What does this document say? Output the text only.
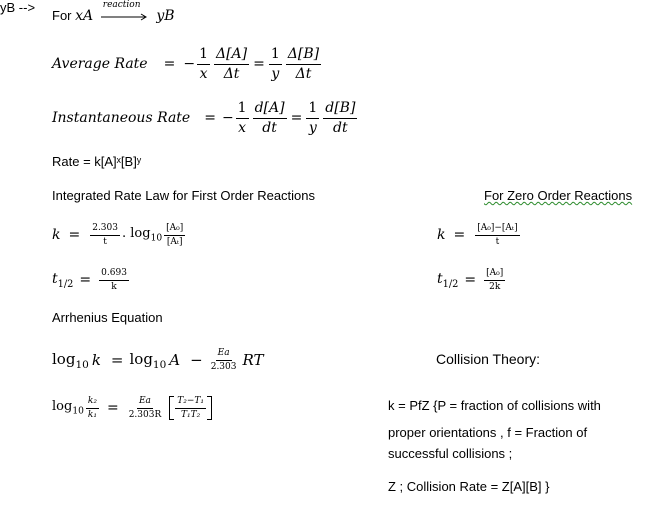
yB -->
For xA
reaction
yB
Average Rate = − $\frac{1}{x} \frac{\Delta[A]}{\Delta t} = \frac{1}{y} \frac{\Delta[B]}{\Delta t}$
Instantaneous Rate = − $\frac{1}{x} \frac{d[A]}{dt} = \frac{1}{y} \frac{d[B]}{dt}$
Rate = k[A]ˣ[B]ʸ
Integrated Rate Law for First Order Reactions	For Zero Order Reactions
$k = \frac{2.303}{t}$ . $\log_{10} \frac{\text{[A₀]}}{\text{[Aₜ]}}$	$k = \frac{\text{[A₀]−[Aₜ]}}{t}$
$t_{1/2} = \frac{0.693}{k}$	$t_{1/2} = \frac{\text{[A₀]}}{2k}$
Arrhenius Equation
$\log_{10} k = \log_{10} A - \frac{Ea}{2.303}$ RT
$\log_{10} \frac{\text{k₂}}{\text{k₁}} = \frac{Ea}{2.303R} \frac{\text{T₂−T₁}}{\text{T₁T₂}}$
Collision Theory:
k = PfZ {P = fraction of collisions with
proper orientations , f = Fraction of
successful collisions ;
Z ; Collision Rate = Z[A][B] }
